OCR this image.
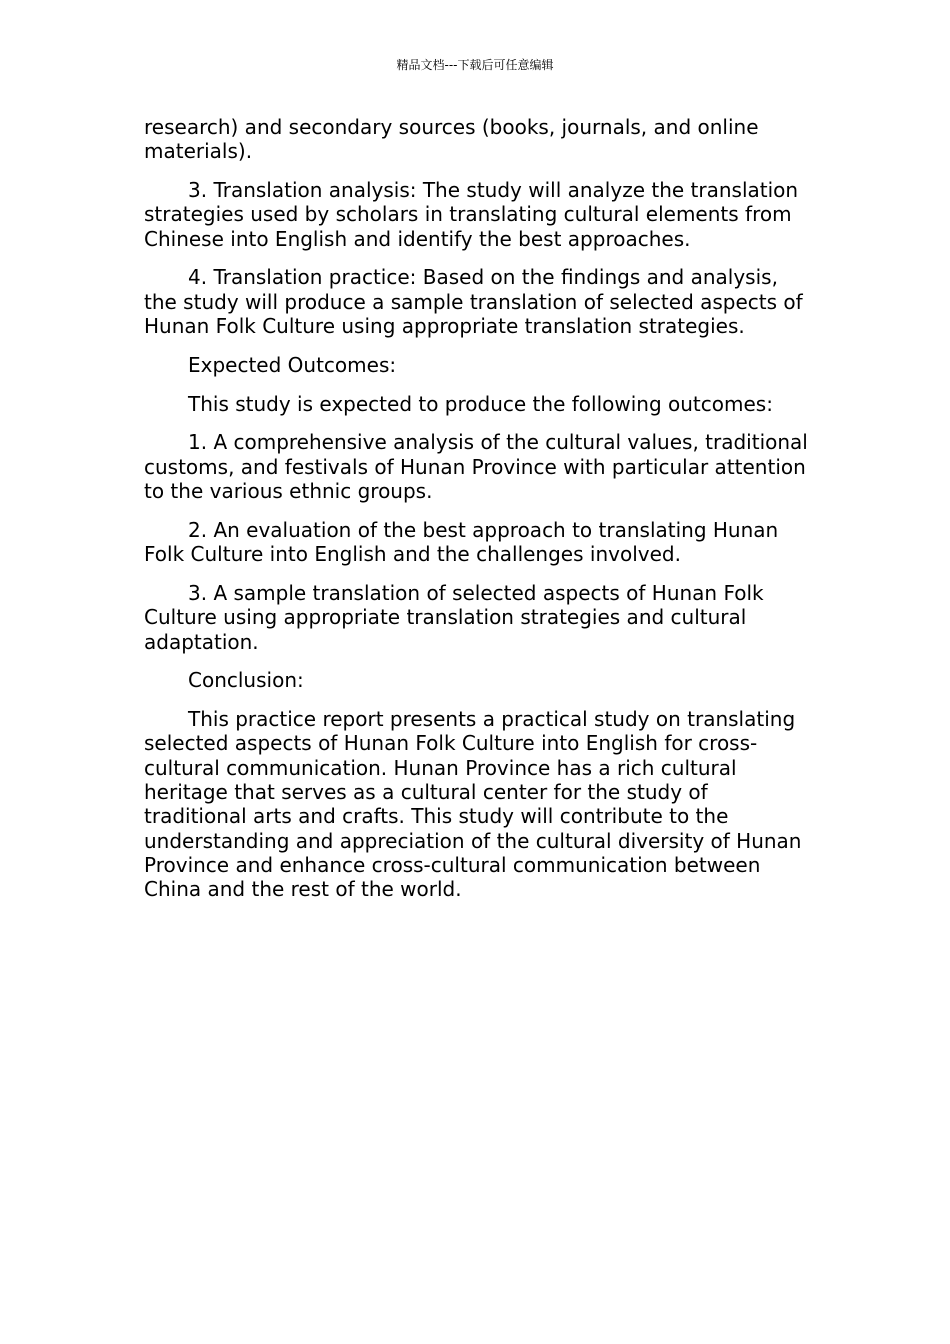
精品文档---下载后可任意编辑

research) and secondary sources (books, journals, and online materials).

3. Translation analysis: The study will analyze the translation strategies used by scholars in translating cultural elements from Chinese into English and identify the best approaches.

4. Translation practice: Based on the findings and analysis, the study will produce a sample translation of selected aspects of Hunan Folk Culture using appropriate translation strategies.

Expected Outcomes:

This study is expected to produce the following outcomes:

1. A comprehensive analysis of the cultural values, traditional customs, and festivals of Hunan Province with particular attention to the various ethnic groups.

2. An evaluation of the best approach to translating Hunan Folk Culture into English and the challenges involved.

3. A sample translation of selected aspects of Hunan Folk Culture using appropriate translation strategies and cultural adaptation.

Conclusion:

This practice report presents a practical study on translating selected aspects of Hunan Folk Culture into English for cross-cultural communication. Hunan Province has a rich cultural heritage that serves as a cultural center for the study of traditional arts and crafts. This study will contribute to the understanding and appreciation of the cultural diversity of Hunan Province and enhance cross-cultural communication between China and the rest of the world.
